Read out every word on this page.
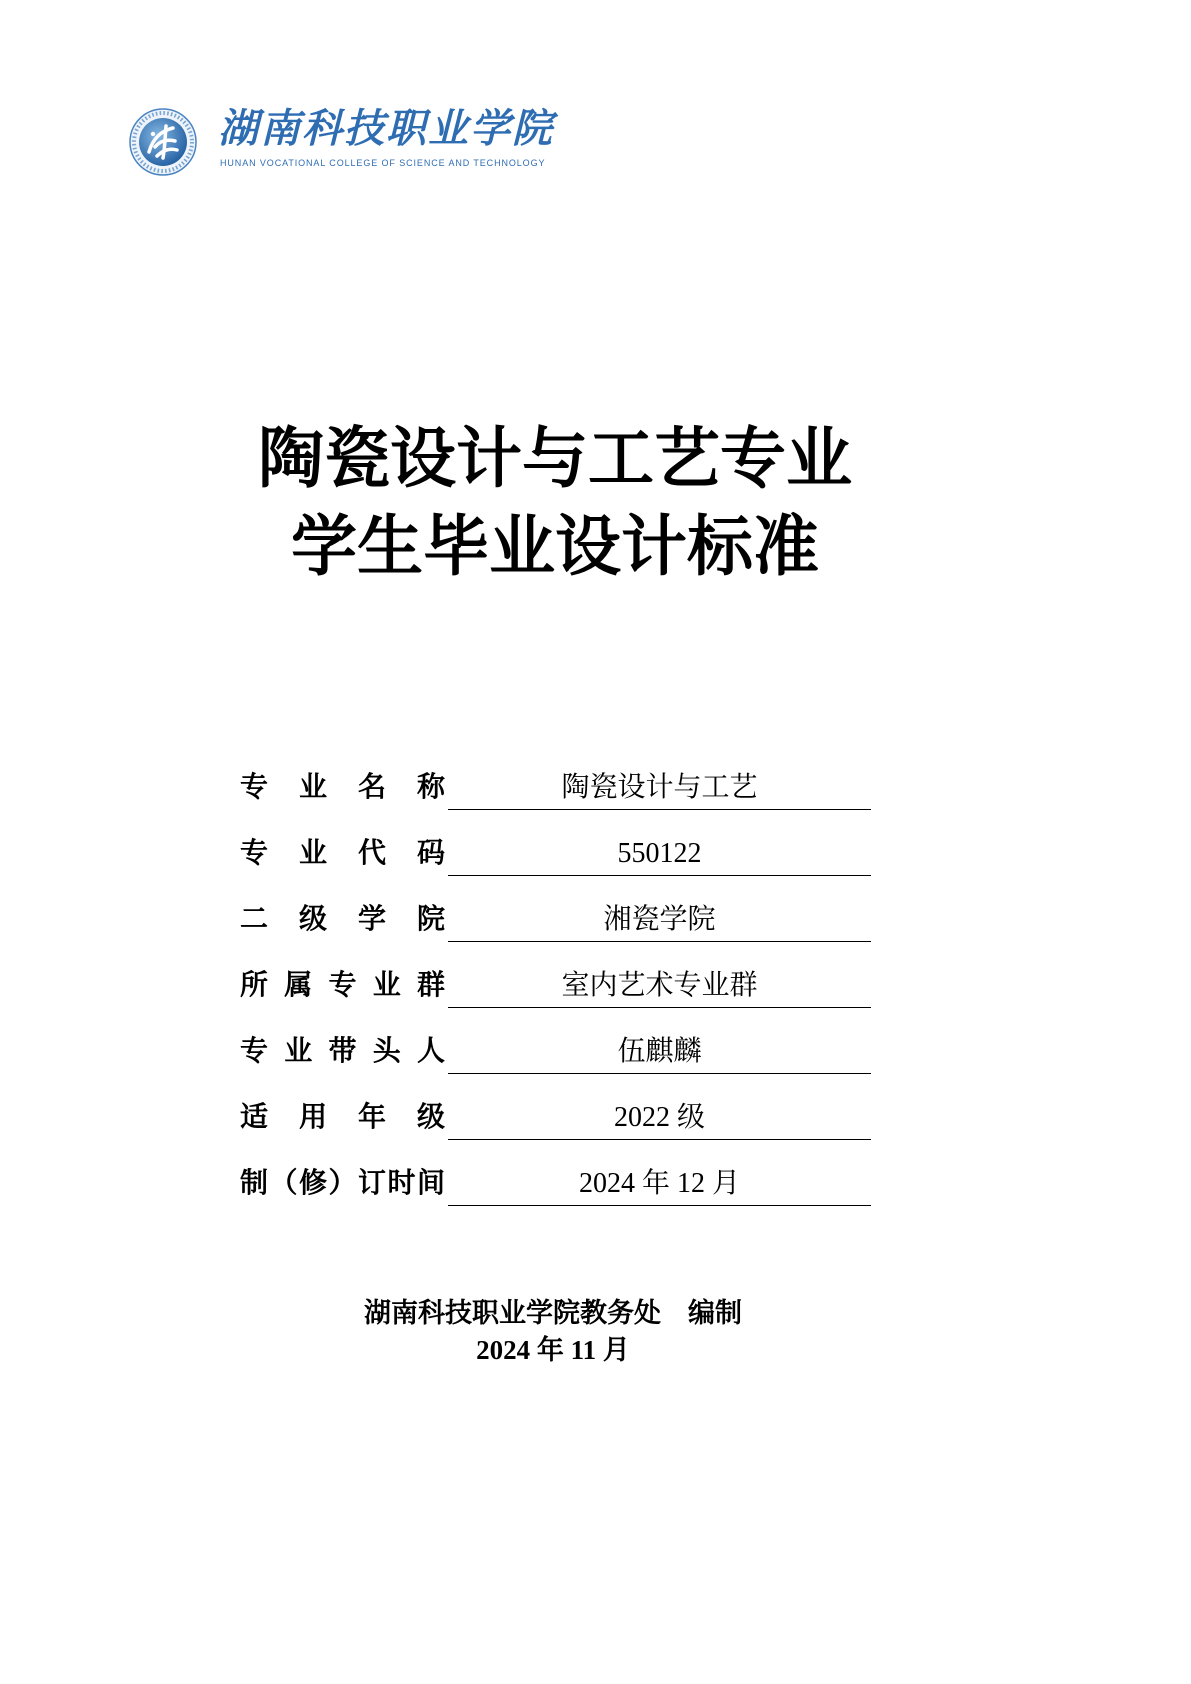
湖南科技职业学院
HUNAN VOCATIONAL COLLEGE OF SCIENCE AND TECHNOLOGY
陶瓷设计与工艺专业
学生毕业设计标准
专 业 名 称	陶瓷设计与工艺
专 业 代 码	550122
二 级 学 院	湘瓷学院
所 属 专 业 群	室内艺术专业群
专 业 带 头 人	伍麒麟
适 用 年 级	2022 级
制（修）订时间	2024 年 12 月
湖南科技职业学院教务处　编制
2024 年 11 月
